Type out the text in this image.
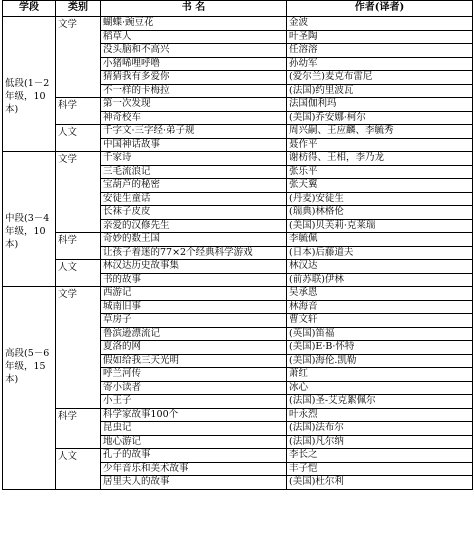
学段	类别	书 名	作者(译者)
低段(1－2年级，10本)	文学	蝴蝶·豌豆花	金波
		稻草人	叶圣陶
		没头脑和不高兴	任溶溶
		小猪唏哩呼噜	孙幼军
		猜猜我有多爱你	(爱尔兰)麦克布雷尼
		不一样的卡梅拉	(法国)约里波瓦
	科学	第一次发现	法国伽利玛
		神奇校车	(美国)乔安娜·柯尔
	人文	千字文·三字经·弟子规	周兴嗣、王应麟、李毓秀
		中国神话故事	聂作平
中段(3－4年级，10本)	文学	千家诗	谢枋得、王相，李乃龙
		三毛流浪记	张乐平
		宝葫芦的秘密	张天翼
		安徒生童话	(丹麦)安徒生
		长袜子皮皮	(瑞典)林格伦
		亲爱的汉修先生	(美国)贝芙莉·克莱瑞
	科学	奇妙的数王国	李毓佩
		让孩子着迷的77×2个经典科学游戏	(日本)后藤道夫
	人文	林汉达历史故事集	林汉达
		书的故事	(前苏联)伊林
高段(5－6年级，15本)	文学	西游记	吴承恩
		城南旧事	林海音
		草房子	曹文轩
		鲁滨逊漂流记	(英国)笛福
		夏洛的网	(美国)E·B·怀特
		假如给我三天光明	(美国)海伦.凯勒
		呼兰河传	萧红
		寄小读者	冰心
		小王子	(法国)圣-艾克絮佩尔
	科学	科学家故事100个	叶永烈
		昆虫记	(法国)法布尔
		地心游记	(法国)凡尔纳
	人文	孔子的故事	李长之
		少年音乐和美术故事	丰子恺
		居里夫人的故事	(美国)杜尔利
